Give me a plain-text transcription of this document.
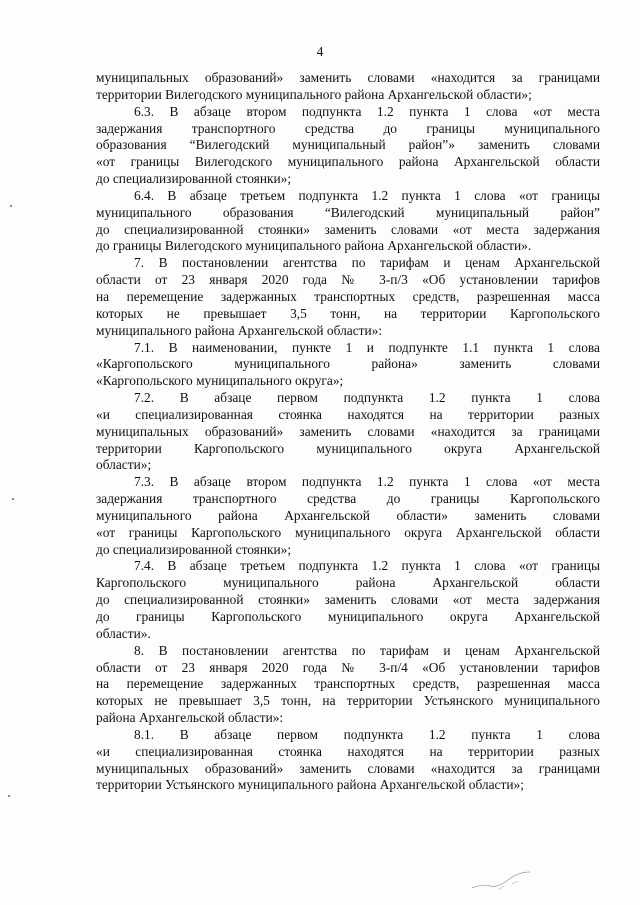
4
муниципальных образований» заменить словами «находится за границами
территории Вилегодского муниципального района Архангельской области»;
6.3. В абзаце втором подпункта 1.2 пункта 1 слова «от места
задержания транспортного средства до границы муниципального
образования “Вилегодский муниципальный район”» заменить словами
«от границы Вилегодского муниципального района Архангельской области
до специализированной стоянки»;
6.4. В абзаце третьем подпункта 1.2 пункта 1 слова «от границы
муниципального образования “Вилегодский муниципальный район”
до специализированной стоянки» заменить словами «от места задержания
до границы Вилегодского муниципального района Архангельской области».
7. В постановлении агентства по тарифам и ценам Архангельской
области от 23 января 2020 года № 3-п/3 «Об установлении тарифов
на перемещение задержанных транспортных средств, разрешенная масса
которых не превышает 3,5 тонн, на территории Каргопольского
муниципального района Архангельской области»:
7.1. В наименовании, пункте 1 и подпункте 1.1 пункта 1 слова
«Каргопольского муниципального района» заменить словами
«Каргопольского муниципального округа»;
7.2. В абзаце первом подпункта 1.2 пункта 1 слова
«и специализированная стоянка находятся на территории разных
муниципальных образований» заменить словами «находится за границами
территории Каргопольского муниципального округа Архангельской
области»;
7.3. В абзаце втором подпункта 1.2 пункта 1 слова «от места
задержания транспортного средства до границы Каргопольского
муниципального района Архангельской области» заменить словами
«от границы Каргопольского муниципального округа Архангельской области
до специализированной стоянки»;
7.4. В абзаце третьем подпункта 1.2 пункта 1 слова «от границы
Каргопольского муниципального района Архангельской области
до специализированной стоянки» заменить словами «от места задержания
до границы Каргопольского муниципального округа Архангельской
области».
8. В постановлении агентства по тарифам и ценам Архангельской
области от 23 января 2020 года № 3-п/4 «Об установлении тарифов
на перемещение задержанных транспортных средств, разрешенная масса
которых не превышает 3,5 тонн, на территории Устьянского муниципального
района Архангельской области»:
8.1. В абзаце первом подпункта 1.2 пункта 1 слова
«и специализированная стоянка находятся на территории разных
муниципальных образований» заменить словами «находится за границами
территории Устьянского муниципального района Архангельской области»;
